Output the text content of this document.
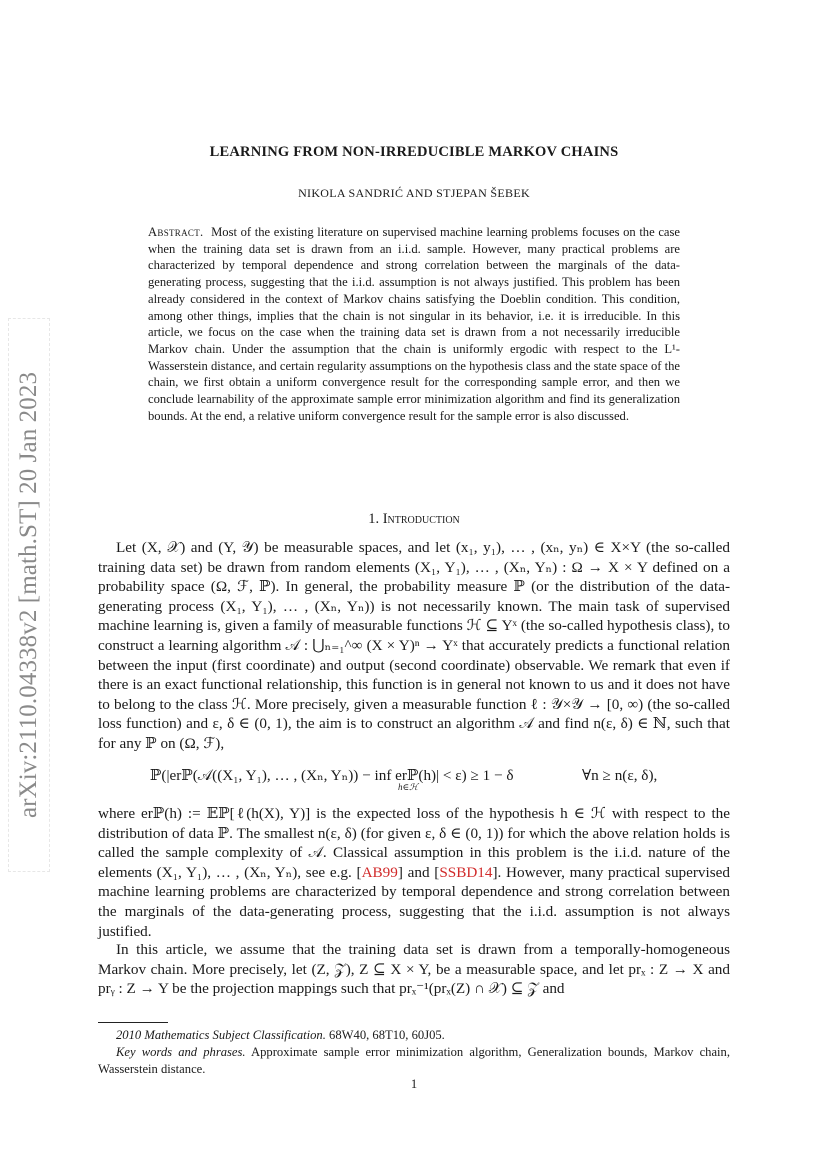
arXiv:2110.04338v2 [math.ST] 20 Jan 2023
LEARNING FROM NON-IRREDUCIBLE MARKOV CHAINS
NIKOLA SANDRIĆ AND STJEPAN ŠEBEK
Abstract. Most of the existing literature on supervised machine learning problems focuses on the case when the training data set is drawn from an i.i.d. sample. However, many practical problems are characterized by temporal dependence and strong correlation between the marginals of the data-generating process, suggesting that the i.i.d. assumption is not always justified. This problem has been already considered in the context of Markov chains satisfying the Doeblin condition. This condition, among other things, implies that the chain is not singular in its behavior, i.e. it is irreducible. In this article, we focus on the case when the training data set is drawn from a not necessarily irreducible Markov chain. Under the assumption that the chain is uniformly ergodic with respect to the L¹-Wasserstein distance, and certain regularity assumptions on the hypothesis class and the state space of the chain, we first obtain a uniform convergence result for the corresponding sample error, and then we conclude learnability of the approximate sample error minimization algorithm and find its generalization bounds. At the end, a relative uniform convergence result for the sample error is also discussed.
1. Introduction

Let (X, 𝒳) and (Y, 𝒴) be measurable spaces, and let (x₁, y₁), … , (xₙ, yₙ) ∈ X×Y (the so-called training data set) be drawn from random elements (X₁, Y₁), … , (Xₙ, Yₙ) : Ω → X × Y defined on a probability space (Ω, ℱ, ℙ). In general, the probability measure ℙ (or the distribution of the data-generating process (X₁, Y₁), … , (Xₙ, Yₙ)) is not necessarily known. The main task of supervised machine learning is, given a family of measurable functions ℋ ⊆ Yˣ (the so-called hypothesis class), to construct a learning algorithm 𝒜 : ⋃ₙ₌₁^∞ (X × Y)ⁿ → Yˣ that accurately predicts a functional relation between the input (first coordinate) and output (second coordinate) observable. We remark that even if there is an exact functional relationship, this function is in general not known to us and it does not have to belong to the class ℋ. More precisely, given a measurable function ℓ : 𝒴×𝒴 → [0, ∞) (the so-called loss function) and ε, δ ∈ (0, 1), the aim is to construct an algorithm 𝒜 and find n(ε, δ) ∈ ℕ, such that for any ℙ on (Ω, ℱ),

ℙ(|erℙ(𝒜((X₁, Y₁), … , (Xₙ, Yₙ)) − inf erℙ(h)| < ε) ≥ 1 − δ
h∈ℋ
∀n ≥ n(ε, δ),

where erℙ(h) := 𝔼ℙ[ℓ(h(X), Y)] is the expected loss of the hypothesis h ∈ ℋ with respect to the distribution of data ℙ. The smallest n(ε, δ) (for given ε, δ ∈ (0, 1)) for which the above relation holds is called the sample complexity of 𝒜. Classical assumption in this problem is the i.i.d. nature of the elements (X₁, Y₁), … , (Xₙ, Yₙ), see e.g. [AB99] and [SSBD14]. However, many practical supervised machine learning problems are characterized by temporal dependence and strong correlation between the marginals of the data-generating process, suggesting that the i.i.d. assumption is not always justified.

In this article, we assume that the training data set is drawn from a temporally-homogeneous Markov chain. More precisely, let (Z, 𝒵), Z ⊆ X × Y, be a measurable space, and let prₓ : Z → X and prᵧ : Z → Y be the projection mappings such that prₓ⁻¹(prₓ(Z) ∩ 𝒳) ⊆ 𝒵 and

2010 Mathematics Subject Classification. 68W40, 68T10, 60J05.

Key words and phrases. Approximate sample error minimization algorithm, Generalization bounds, Markov chain, Wasserstein distance.

1
